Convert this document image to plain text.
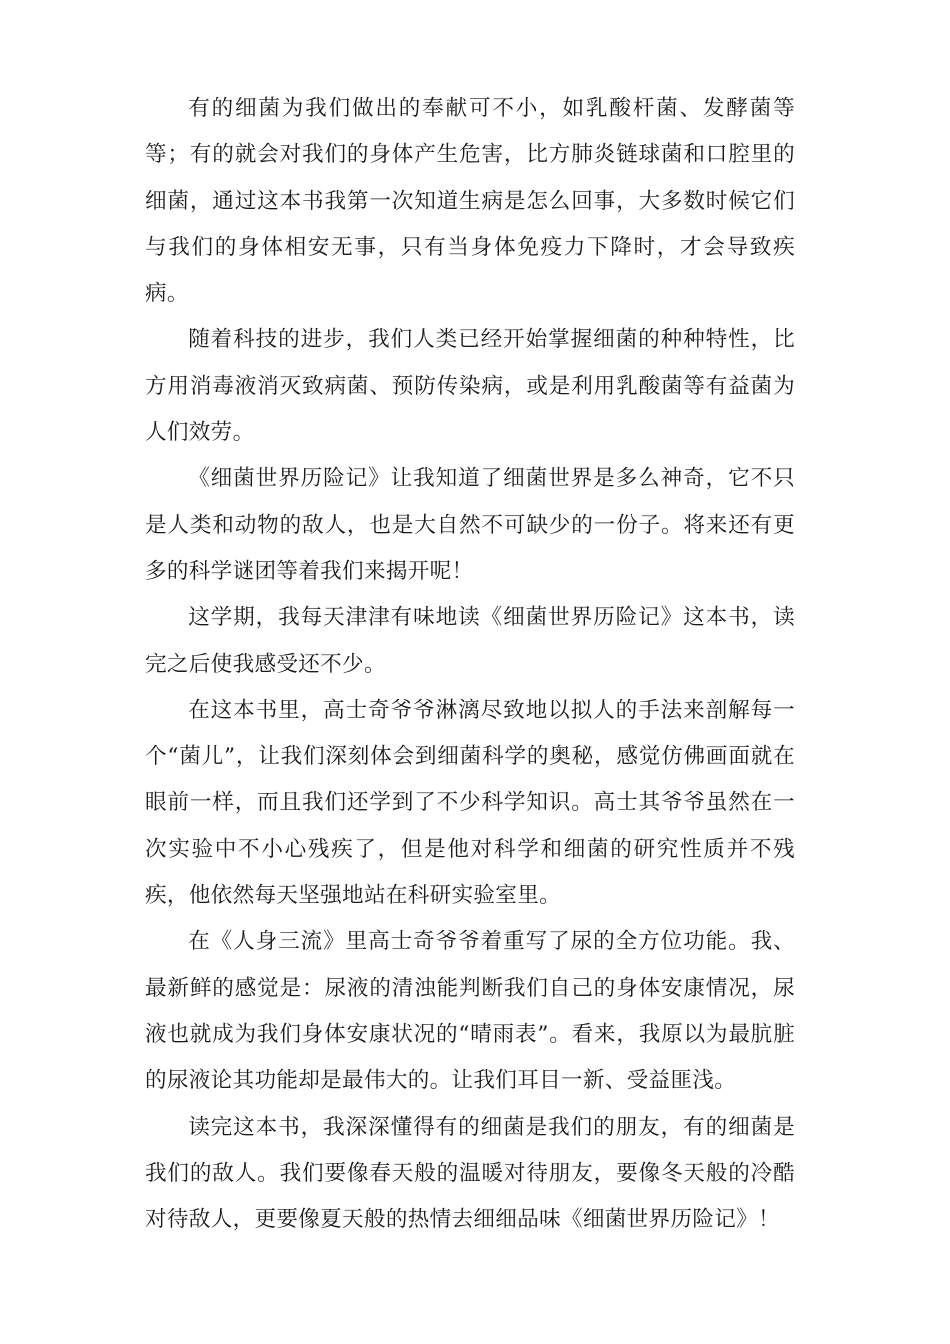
有的细菌为我们做出的奉献可不小，如乳酸杆菌、发酵菌等等；有的就会对我们的身体产生危害，比方肺炎链球菌和口腔里的细菌，通过这本书我第一次知道生病是怎么回事，大多数时候它们与我们的身体相安无事，只有当身体免疫力下降时，才会导致疾病。

随着科技的进步，我们人类已经开始掌握细菌的种种特性，比方用消毒液消灭致病菌、预防传染病，或是利用乳酸菌等有益菌为人们效劳。

《细菌世界历险记》让我知道了细菌世界是多么神奇，它不只是人类和动物的敌人，也是大自然不可缺少的一份子。将来还有更多的科学谜团等着我们来揭开呢！

这学期，我每天津津有味地读《细菌世界历险记》这本书，读完之后使我感受还不少。

在这本书里，高士奇爷爷淋漓尽致地以拟人的手法来剖解每一个“菌儿”，让我们深刻体会到细菌科学的奥秘，感觉仿佛画面就在眼前一样，而且我们还学到了不少科学知识。高士其爷爷虽然在一次实验中不小心残疾了，但是他对科学和细菌的研究性质并不残疾，他依然每天坚强地站在科研实验室里。

在《人身三流》里高士奇爷爷着重写了尿的全方位功能。我、最新鲜的感觉是：尿液的清浊能判断我们自己的身体安康情况，尿液也就成为我们身体安康状况的“晴雨表”。看来，我原以为最肮脏的尿液论其功能却是最伟大的。让我们耳目一新、受益匪浅。

读完这本书，我深深懂得有的细菌是我们的朋友，有的细菌是我们的敌人。我们要像春天般的温暖对待朋友，要像冬天般的冷酷对待敌人，更要像夏天般的热情去细细品味《细菌世界历险记》！
